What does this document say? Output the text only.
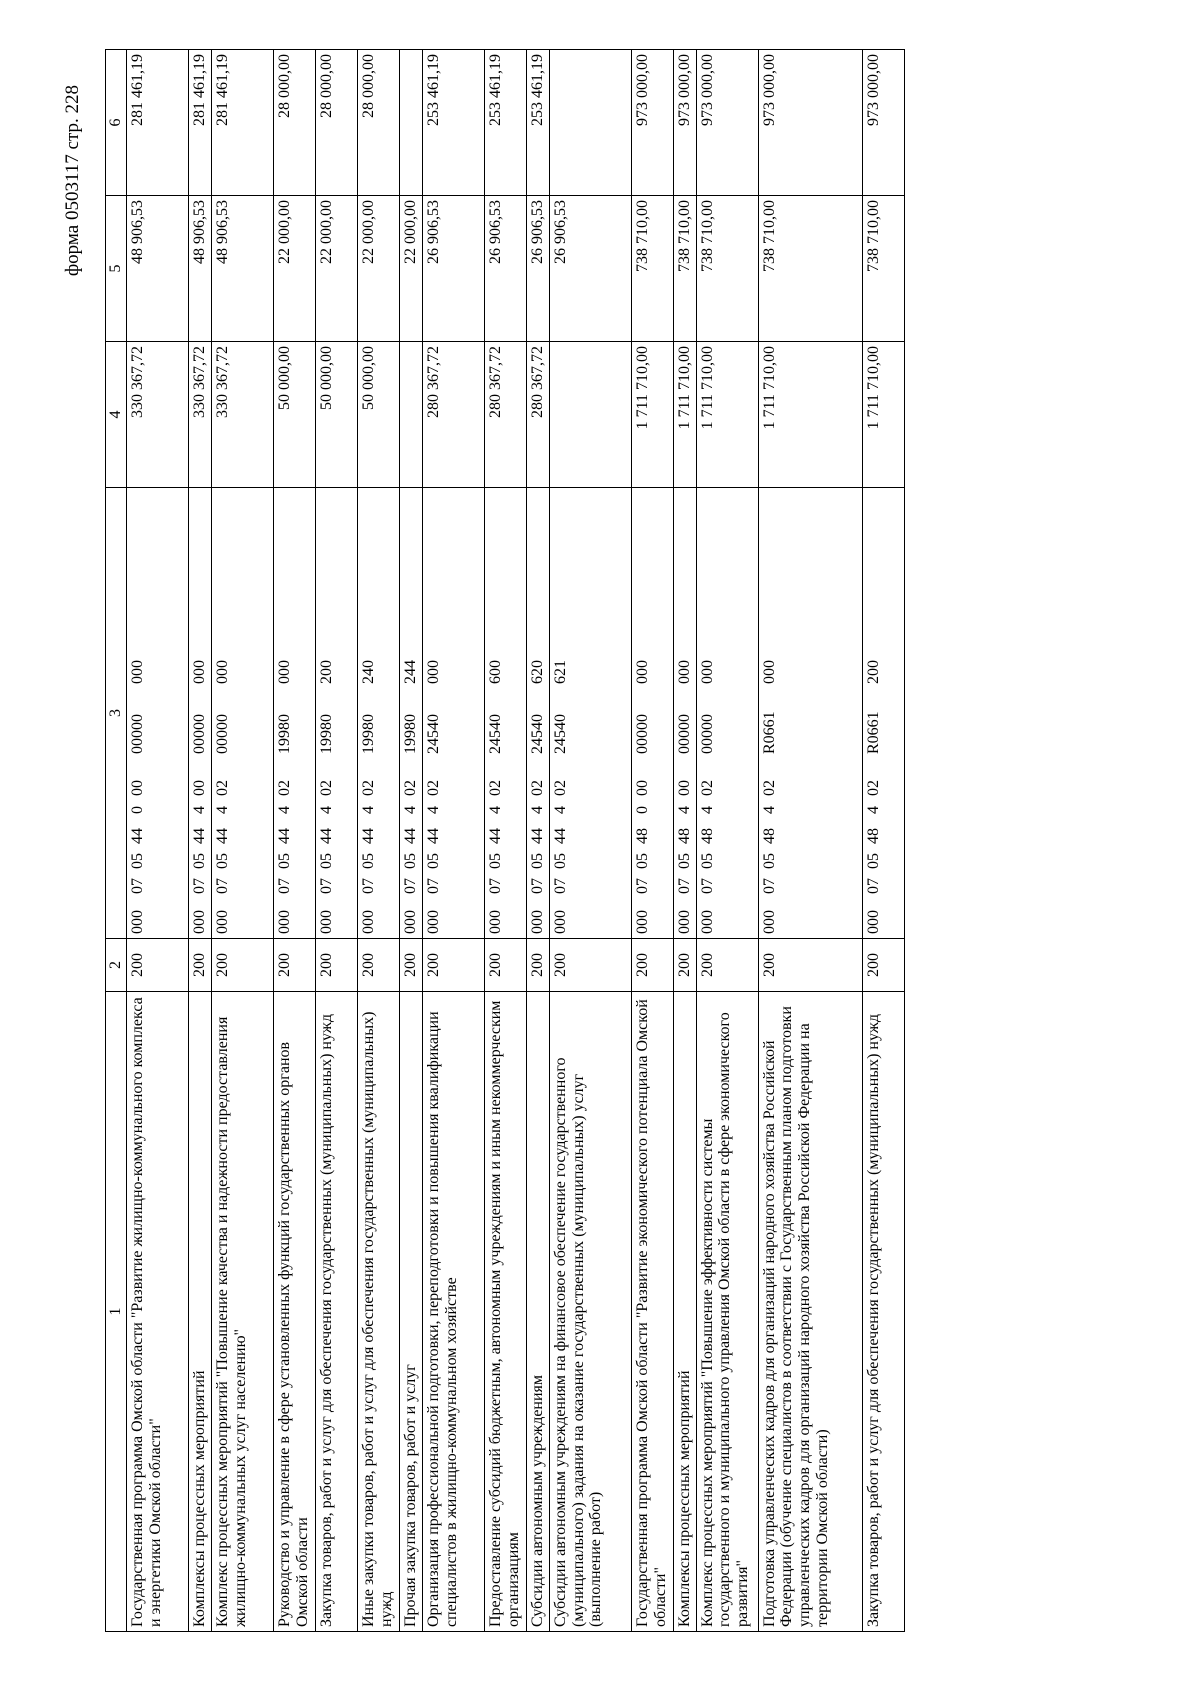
форма 0503117 стр. 228
1	2	3	4	5	6
Государственная программа Омской области "Развитие жилищно-коммунального комплекса и энергетики Омской области"	200	00007054400000000000	330 367,72	48 906,53	281 461,19
Комплексы процессных мероприятий	200	00007054440000000000	330 367,72	48 906,53	281 461,19
Комплекс процессных мероприятий "Повышение качества и надежности предоставления жилищно-коммунальных услуг населению"	200	00007054440200000000	330 367,72	48 906,53	281 461,19
Руководство и управление в сфере установленных функций государственных органов Омской области	200	00007054440219980000	50 000,00	22 000,00	28 000,00
Закупка товаров, работ и услуг для обеспечения государственных (муниципальных) нужд	200	00007054440219980200	50 000,00	22 000,00	28 000,00
Иные закупки товаров, работ и услуг для обеспечения государственных (муниципальных) нужд	200	00007054440219980240	50 000,00	22 000,00	28 000,00
Прочая закупка товаров, работ и услуг	200	00007054440219980244		22 000,00	
Организация профессиональной подготовки, переподготовки и повышения квалификации специалистов в жилищно-коммунальном хозяйстве	200	00007054440224540000	280 367,72	26 906,53	253 461,19
Предоставление субсидий бюджетным, автономным учреждениям и иным некоммерческим организациям	200	00007054440224540600	280 367,72	26 906,53	253 461,19
Субсидии автономным учреждениям	200	00007054440224540620	280 367,72	26 906,53	253 461,19
Субсидии автономным учреждениям на финансовое обеспечение государственного (муниципального) задания на оказание государственных (муниципальных) услуг (выполнение работ)	200	00007054440224540621		26 906,53	
Государственная программа Омской области "Развитие экономического потенциала Омской области"	200	00007054800000000000	1 711 710,00	738 710,00	973 000,00
Комплексы процессных мероприятий	200	00007054840000000000	1 711 710,00	738 710,00	973 000,00
Комплекс процессных мероприятий "Повышение эффективности системы государственного и муниципального управления Омской области в сфере экономического развития"	200	00007054840200000000	1 711 710,00	738 710,00	973 000,00
Подготовка управленческих кадров для организаций народного хозяйства Российской Федерации (обучение специалистов в соответствии с Государственным планом подготовки управленческих кадров для организаций народного хозяйства Российской Федерации на территории Омской области)	200	000070548402R0661000	1 711 710,00	738 710,00	973 000,00
Закупка товаров, работ и услуг для обеспечения государственных (муниципальных) нужд	200	000070548402R0661200	1 711 710,00	738 710,00	973 000,00
